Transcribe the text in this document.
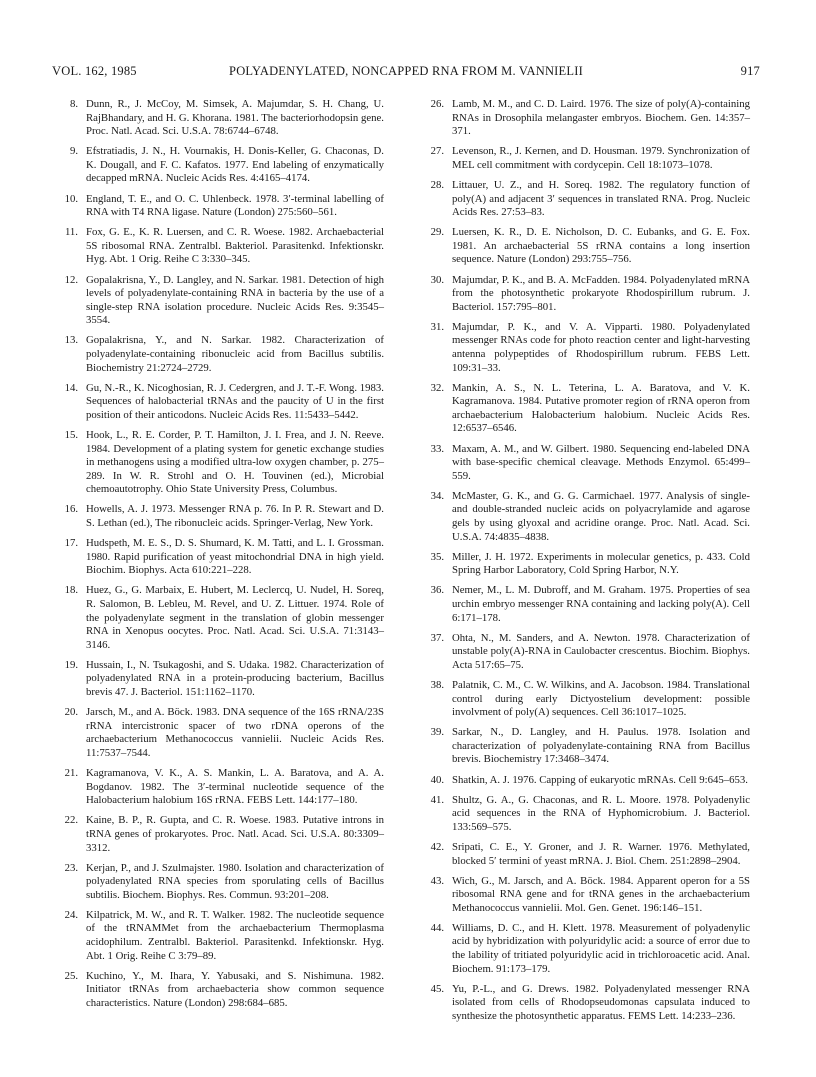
VOL. 162, 1985	POLYADENYLATED, NONCAPPED RNA FROM M. VANNIELII	917
8. Dunn, R., J. McCoy, M. Simsek, A. Majumdar, S. H. Chang, U. RajBhandary, and H. G. Khorana. 1981. The bacteriorhodopsin gene. Proc. Natl. Acad. Sci. U.S.A. 78:6744–6748.
9. Efstratiadis, J. N., H. Vournakis, H. Donis-Keller, G. Chaconas, D. K. Dougall, and F. C. Kafatos. 1977. End labeling of enzymatically decapped mRNA. Nucleic Acids Res. 4:4165–4174.
10. England, T. E., and O. C. Uhlenbeck. 1978. 3′-terminal labelling of RNA with T4 RNA ligase. Nature (London) 275:560–561.
11. Fox, G. E., K. R. Luersen, and C. R. Woese. 1982. Archaebacterial 5S ribosomal RNA. Zentralbl. Bakteriol. Parasitenkd. Infektionskr. Hyg. Abt. 1 Orig. Reihe C 3:330–345.
12. Gopalakrisna, Y., D. Langley, and N. Sarkar. 1981. Detection of high levels of polyadenylate-containing RNA in bacteria by the use of a single-step RNA isolation procedure. Nucleic Acids Res. 9:3545–3554.
13. Gopalakrisna, Y., and N. Sarkar. 1982. Characterization of polyadenylate-containing ribonucleic acid from Bacillus subtilis. Biochemistry 21:2724–2729.
14. Gu, N.-R., K. Nicoghosian, R. J. Cedergren, and J. T.-F. Wong. 1983. Sequences of halobacterial tRNAs and the paucity of U in the first position of their anticodons. Nucleic Acids Res. 11:5433–5442.
15. Hook, L., R. E. Corder, P. T. Hamilton, J. I. Frea, and J. N. Reeve. 1984. Development of a plating system for genetic exchange studies in methanogens using a modified ultra-low oxygen chamber, p. 275–289. In W. R. Strohl and O. H. Touvinen (ed.), Microbial chemoautotrophy. Ohio State University Press, Columbus.
16. Howells, A. J. 1973. Messenger RNA p. 76. In P. R. Stewart and D. S. Lethan (ed.), The ribonucleic acids. Springer-Verlag, New York.
17. Hudspeth, M. E. S., D. S. Shumard, K. M. Tatti, and L. I. Grossman. 1980. Rapid purification of yeast mitochondrial DNA in high yield. Biochim. Biophys. Acta 610:221–228.
18. Huez, G., G. Marbaix, E. Hubert, M. Leclercq, U. Nudel, H. Soreq, R. Salomon, B. Lebleu, M. Revel, and U. Z. Littuer. 1974. Role of the polyadenylate segment in the translation of globin messenger RNA in Xenopus oocytes. Proc. Natl. Acad. Sci. U.S.A. 71:3143–3146.
19. Hussain, I., N. Tsukagoshi, and S. Udaka. 1982. Characterization of polyadenylated RNA in a protein-producing bacterium, Bacillus brevis 47. J. Bacteriol. 151:1162–1170.
20. Jarsch, M., and A. Böck. 1983. DNA sequence of the 16S rRNA/23S rRNA intercistronic spacer of two rDNA operons of the archaebacterium Methanococcus vannielii. Nucleic Acids Res. 11:7537–7544.
21. Kagramanova, V. K., A. S. Mankin, L. A. Baratova, and A. A. Bogdanov. 1982. The 3′-terminal nucleotide sequence of the Halobacterium halobium 16S rRNA. FEBS Lett. 144:177–180.
22. Kaine, B. P., R. Gupta, and C. R. Woese. 1983. Putative introns in tRNA genes of prokaryotes. Proc. Natl. Acad. Sci. U.S.A. 80:3309–3312.
23. Kerjan, P., and J. Szulmajster. 1980. Isolation and characterization of polyadenylated RNA species from sporulating cells of Bacillus subtilis. Biochem. Biophys. Res. Commun. 93:201–208.
24. Kilpatrick, M. W., and R. T. Walker. 1982. The nucleotide sequence of the tRNAMMet from the archaebacterium Thermoplasma acidophilum. Zentralbl. Bakteriol. Parasitenkd. Infektionskr. Hyg. Abt. 1 Orig. Reihe C 3:79–89.
25. Kuchino, Y., M. Ihara, Y. Yabusaki, and S. Nishimuna. 1982. Initiator tRNAs from archaebacteria show common sequence characteristics. Nature (London) 298:684–685.
26. Lamb, M. M., and C. D. Laird. 1976. The size of poly(A)-containing RNAs in Drosophila melangaster embryos. Biochem. Gen. 14:357–371.
27. Levenson, R., J. Kernen, and D. Housman. 1979. Synchronization of MEL cell commitment with cordycepin. Cell 18:1073–1078.
28. Littauer, U. Z., and H. Soreq. 1982. The regulatory function of poly(A) and adjacent 3′ sequences in translated RNA. Prog. Nucleic Acids Res. 27:53–83.
29. Luersen, K. R., D. E. Nicholson, D. C. Eubanks, and G. E. Fox. 1981. An archaebacterial 5S rRNA contains a long insertion sequence. Nature (London) 293:755–756.
30. Majumdar, P. K., and B. A. McFadden. 1984. Polyadenylated mRNA from the photosynthetic prokaryote Rhodospirillum rubrum. J. Bacteriol. 157:795–801.
31. Majumdar, P. K., and V. A. Vipparti. 1980. Polyadenylated messenger RNAs code for photo reaction center and light-harvesting antenna polypeptides of Rhodospirillum rubrum. FEBS Lett. 109:31–33.
32. Mankin, A. S., N. L. Teterina, L. A. Baratova, and V. K. Kagramanova. 1984. Putative promoter region of rRNA operon from archaebacterium Halobacterium halobium. Nucleic Acids Res. 12:6537–6546.
33. Maxam, A. M., and W. Gilbert. 1980. Sequencing end-labeled DNA with base-specific chemical cleavage. Methods Enzymol. 65:499–559.
34. McMaster, G. K., and G. G. Carmichael. 1977. Analysis of single- and double-stranded nucleic acids on polyacrylamide and agarose gels by using glyoxal and acridine orange. Proc. Natl. Acad. Sci. U.S.A. 74:4835–4838.
35. Miller, J. H. 1972. Experiments in molecular genetics, p. 433. Cold Spring Harbor Laboratory, Cold Spring Harbor, N.Y.
36. Nemer, M., L. M. Dubroff, and M. Graham. 1975. Properties of sea urchin embryo messenger RNA containing and lacking poly(A). Cell 6:171–178.
37. Ohta, N., M. Sanders, and A. Newton. 1978. Characterization of unstable poly(A)-RNA in Caulobacter crescentus. Biochim. Biophys. Acta 517:65–75.
38. Palatnik, C. M., C. W. Wilkins, and A. Jacobson. 1984. Translational control during early Dictyostelium development: possible involvment of poly(A) sequences. Cell 36:1017–1025.
39. Sarkar, N., D. Langley, and H. Paulus. 1978. Isolation and characterization of polyadenylate-containing RNA from Bacillus brevis. Biochemistry 17:3468–3474.
40. Shatkin, A. J. 1976. Capping of eukaryotic mRNAs. Cell 9:645–653.
41. Shultz, G. A., G. Chaconas, and R. L. Moore. 1978. Polyadenylic acid sequences in the RNA of Hyphomicrobium. J. Bacteriol. 133:569–575.
42. Sripati, C. E., Y. Groner, and J. R. Warner. 1976. Methylated, blocked 5′ termini of yeast mRNA. J. Biol. Chem. 251:2898–2904.
43. Wich, G., M. Jarsch, and A. Böck. 1984. Apparent operon for a 5S ribosomal RNA gene and for tRNA genes in the archaebacterium Methanococcus vannielii. Mol. Gen. Genet. 196:146–151.
44. Williams, D. C., and H. Klett. 1978. Measurement of polyadenylic acid by hybridization with polyuridylic acid: a source of error due to the lability of tritiated polyuridylic acid in trichloroacetic acid. Anal. Biochem. 91:173–179.
45. Yu, P.-L., and G. Drews. 1982. Polyadenylated messenger RNA isolated from cells of Rhodopseudomonas capsulata induced to synthesize the photosynthetic apparatus. FEMS Lett. 14:233–236.
